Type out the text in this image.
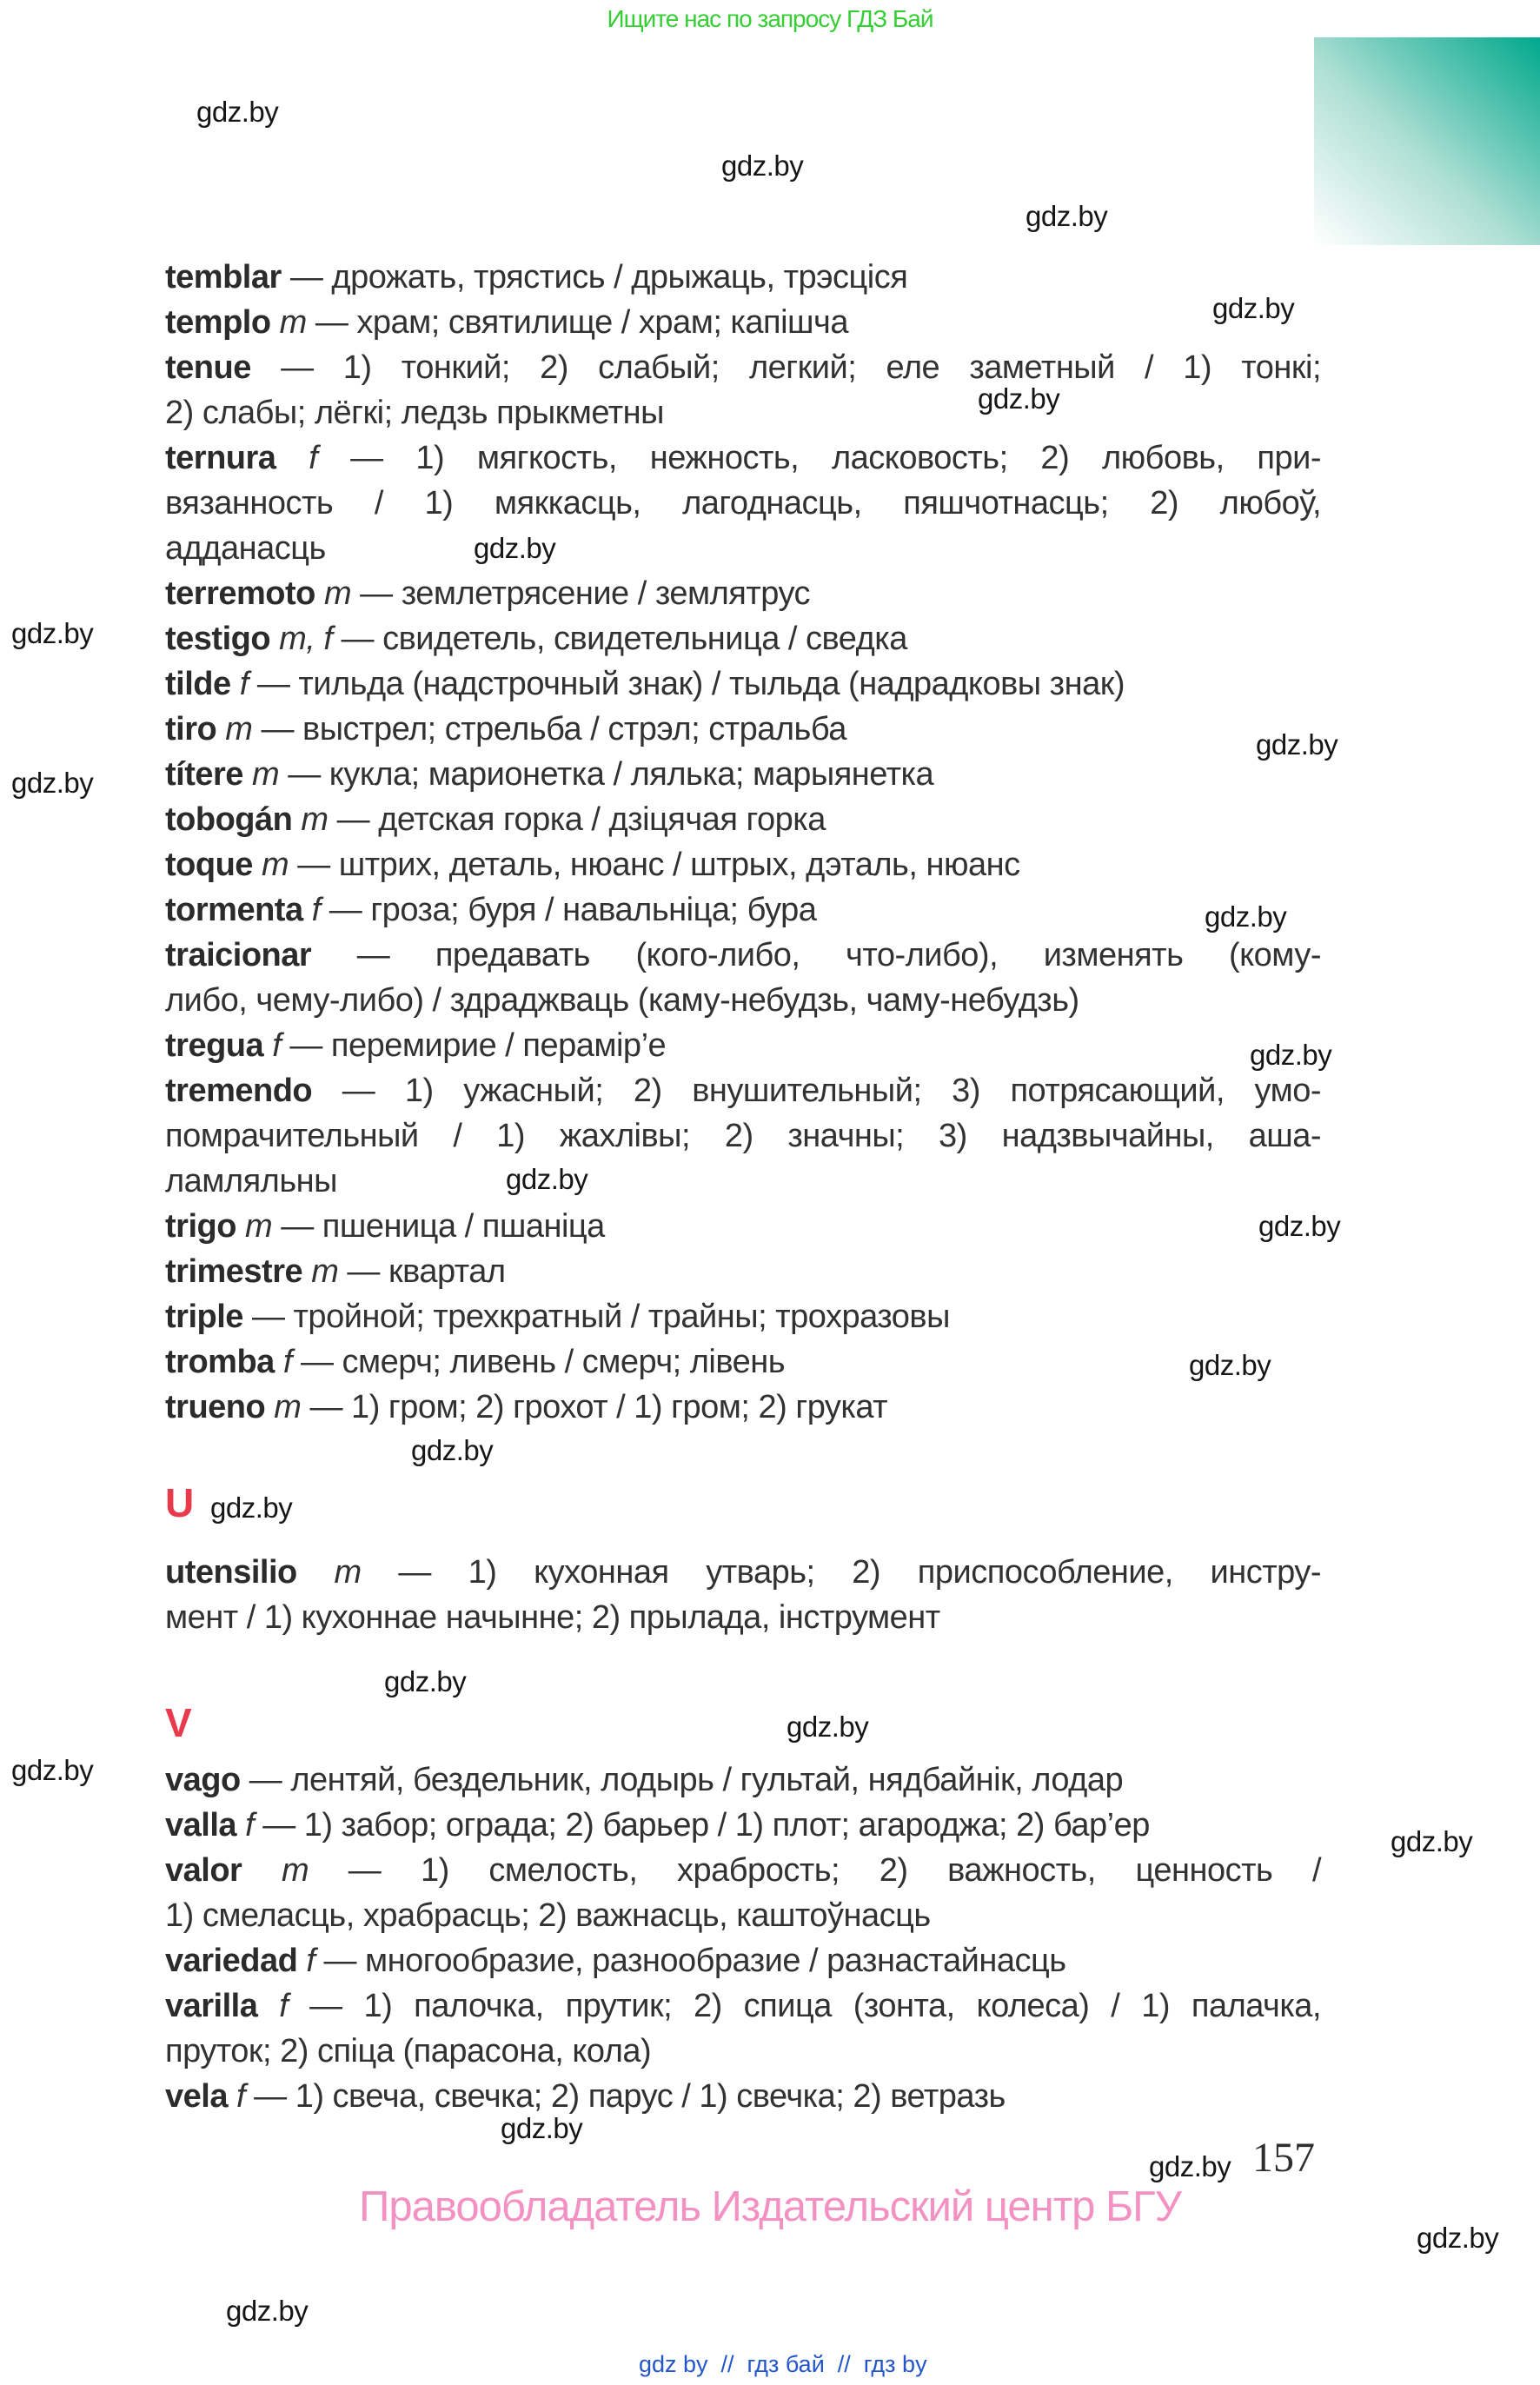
Ищите нас по запросу ГДЗ Бай
gdz.by
gdz.by
gdz.by
gdz.by
gdz.by
gdz.by
gdz.by
gdz.by
gdz.by
gdz.by
gdz.by
gdz.by
gdz.by
gdz.by
gdz.by
gdz.by
gdz.by
gdz.by
gdz.by
gdz.by
gdz.by
gdz.by
gdz.by
gdz.by
temblar — дрожать, трястись / дрыжаць, трэсціся
templo m — храм; святилище / храм; капішча
tenue — 1) тонкий; 2) слабый; легкий; еле заметный / 1) тонкі;
2) слабы; лёгкі; ледзь прыкметны
ternura f — 1) мягкость, нежность, ласковость; 2) любовь, при-
вязанность / 1) мяккасць, лагоднасць, пяшчотнасць; 2) любоў,
адданасць
terremoto m — землетрясение / землятрус
testigo m, f — свидетель, свидетельница / сведка
tilde f — тильда (надстрочный знак) / тыльда (надрадковы знак)
tiro m — выстрел; стрельба / стрэл; стральба
títere m — кукла; марионетка / лялька; марыянетка
tobogán m — детская горка / дзіцячая горка
toque m — штрих, деталь, нюанс / штрых, дэталь, нюанс
tormenta f — гроза; буря / навальніца; бура
traicionar — предавать (кого-либо, что-либо), изменять (кому-
либо, чему-либо) / здраджваць (каму-небудзь, чаму-небудзь)
tregua f — перемирие / перамір’е
tremendo — 1) ужасный; 2) внушительный; 3) потрясающий, умо-
помрачительный / 1) жахлівы; 2) значны; 3) надзвычайны, аша-
ламляльны
trigo m — пшеница / пшаніца
trimestre m — квартал
triple — тройной; трехкратный / трайны; трохразовы
tromba f — смерч; ливень / смерч; лівень
trueno m — 1) гром; 2) грохот / 1) гром; 2) грукат
U
utensilio m — 1) кухонная утварь; 2) приспособление, инстру-
мент / 1) кухоннае начынне; 2) прылада, інструмент
V
vago — лентяй, бездельник, лодырь / гультай, нядбайнік, лодар
valla f — 1) забор; ограда; 2) барьер / 1) плот; агароджа; 2) бар’ер
valor m — 1) смелость, храбрость; 2) важность, ценность /
1) смеласць, храбрасць; 2) важнасць, каштоўнасць
variedad f — многообразие, разнообразие / разнастайнасць
varilla f — 1) палочка, прутик; 2) спица (зонта, колеса) / 1) палачка,
пруток; 2) спіца (парасона, кола)
vela f — 1) свеча, свечка; 2) парус / 1) свечка; 2) ветразь
157
Правообладатель Издательский центр БГУ
gdz by  //  гдз бай  //  гдз by
